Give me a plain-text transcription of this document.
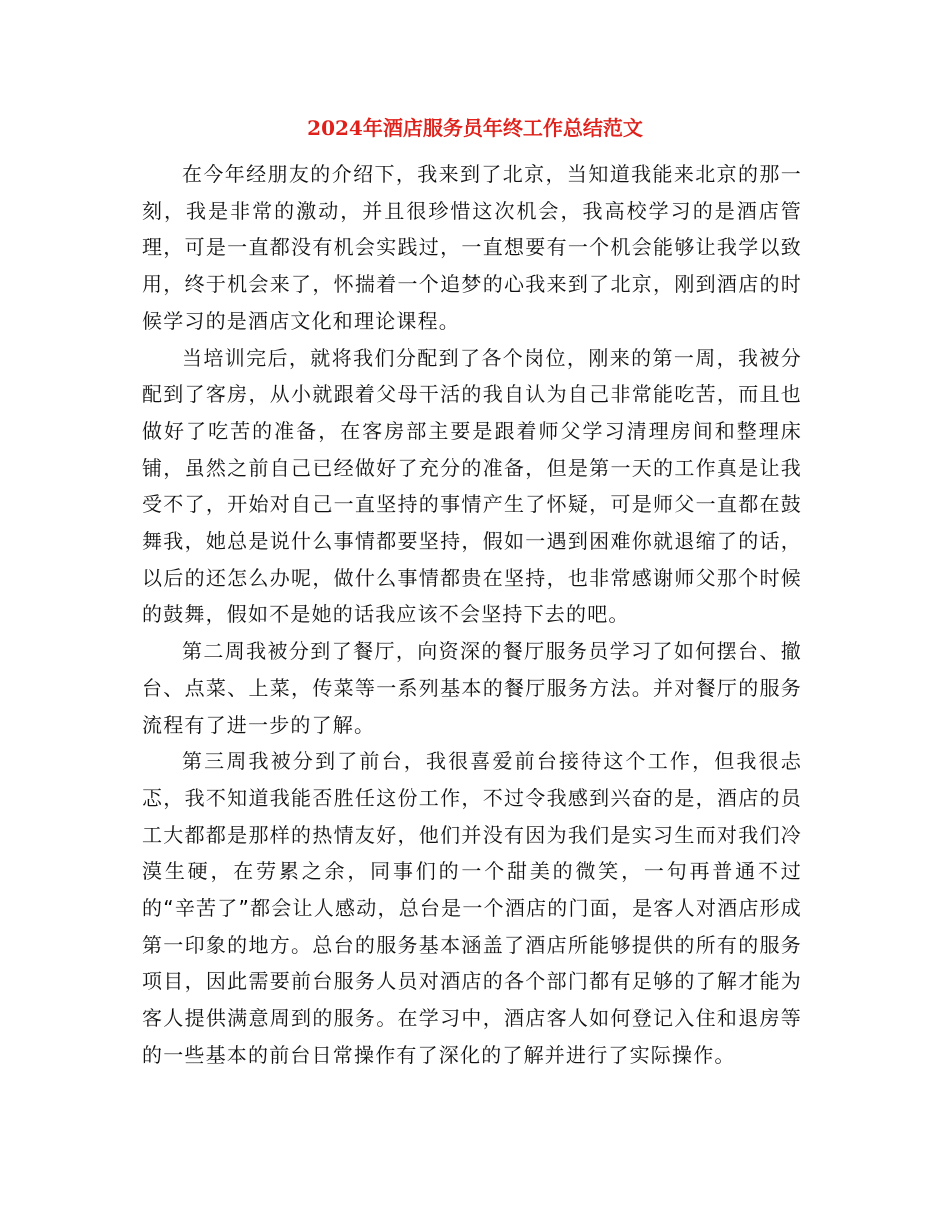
2024年酒店服务员年终工作总结范文

在今年经朋友的介绍下，我来到了北京，当知道我能来北京的那一刻，我是非常的激动，并且很珍惜这次机会，我高校学习的是酒店管理，可是一直都没有机会实践过，一直想要有一个机会能够让我学以致用，终于机会来了，怀揣着一个追梦的心我来到了北京，刚到酒店的时候学习的是酒店文化和理论课程。

当培训完后，就将我们分配到了各个岗位，刚来的第一周，我被分配到了客房，从小就跟着父母干活的我自认为自己非常能吃苦，而且也做好了吃苦的准备，在客房部主要是跟着师父学习清理房间和整理床铺，虽然之前自己已经做好了充分的准备，但是第一天的工作真是让我受不了，开始对自己一直坚持的事情产生了怀疑，可是师父一直都在鼓舞我，她总是说什么事情都要坚持，假如一遇到困难你就退缩了的话，以后的还怎么办呢，做什么事情都贵在坚持，也非常感谢师父那个时候的鼓舞，假如不是她的话我应该不会坚持下去的吧。

第二周我被分到了餐厅，向资深的餐厅服务员学习了如何摆台、撤台、点菜、上菜，传菜等一系列基本的餐厅服务方法。并对餐厅的服务流程有了进一步的了解。

第三周我被分到了前台，我很喜爱前台接待这个工作，但我很忐忑，我不知道我能否胜任这份工作，不过令我感到兴奋的是，酒店的员工大都都是那样的热情友好，他们并没有因为我们是实习生而对我们冷漠生硬，在劳累之余，同事们的一个甜美的微笑，一句再普通不过的“辛苦了”都会让人感动，总台是一个酒店的门面，是客人对酒店形成第一印象的地方。总台的服务基本涵盖了酒店所能够提供的所有的服务项目，因此需要前台服务人员对酒店的各个部门都有足够的了解才能为客人提供满意周到的服务。在学习中，酒店客人如何登记入住和退房等的一些基本的前台日常操作有了深化的了解并进行了实际操作。
